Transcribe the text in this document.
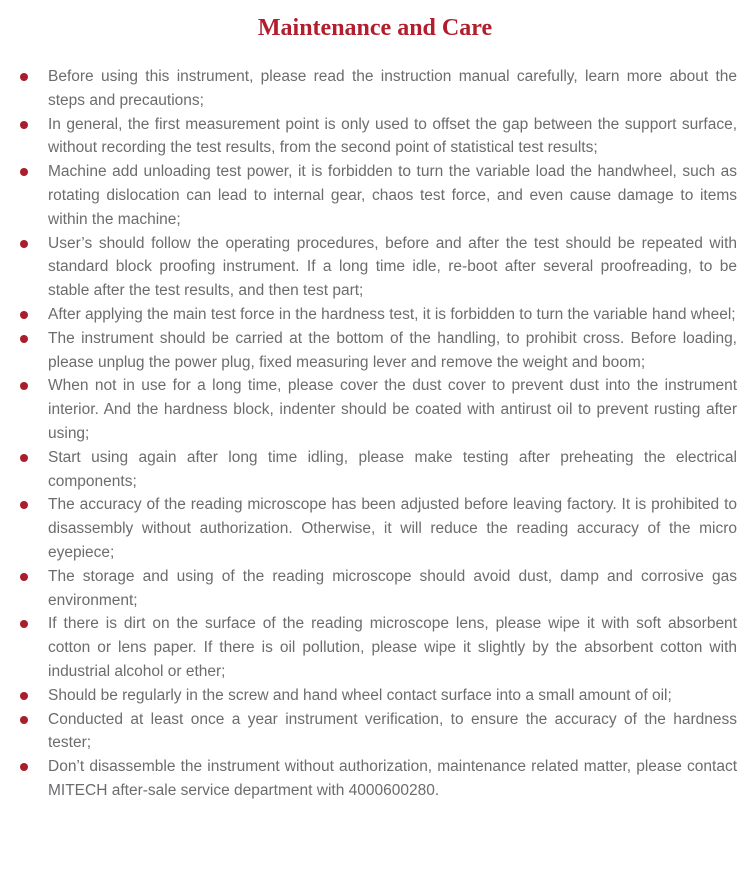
Maintenance and Care
Before using this instrument, please read the instruction manual carefully, learn more about the steps and precautions;
In general, the first measurement point is only used to offset the gap between the support surface, without recording the test results, from the second point of statistical test results;
Machine add unloading test power, it is forbidden to turn the variable load the handwheel, such as rotating dislocation can lead to internal gear, chaos test force, and even cause damage to items within the machine;
User’s should follow the operating procedures, before and after the test should be repeated with standard block proofing instrument. If a long time idle, re-boot after several proofreading, to be stable after the test results, and then test part;
After applying the main test force in the hardness test, it is forbidden to turn the variable hand wheel;
The instrument should be carried at the bottom of the handling, to prohibit cross. Before loading, please unplug the power plug, fixed measuring lever and remove the weight and boom;
When not in use for a long time, please cover the dust cover to prevent dust into the instrument interior. And the hardness block, indenter should be coated with antirust oil to prevent rusting after using;
Start using again after long time idling, please make testing after preheating the electrical components;
The accuracy of the reading microscope has been adjusted before leaving factory. It is prohibited to disassembly without authorization. Otherwise, it will reduce the reading accuracy of the micro eyepiece;
The storage and using of the reading microscope should avoid dust, damp and corrosive gas environment;
If there is dirt on the surface of the reading microscope lens, please wipe it with soft absorbent cotton or lens paper. If there is oil pollution, please wipe it slightly by the absorbent cotton with industrial alcohol or ether;
Should be regularly in the screw and hand wheel contact surface into a small amount of oil;
Conducted at least once a year instrument verification, to ensure the accuracy of the hardness tester;
Don’t disassemble the instrument without authorization, maintenance related matter, please contact MITECH after-sale service department with 4000600280.
